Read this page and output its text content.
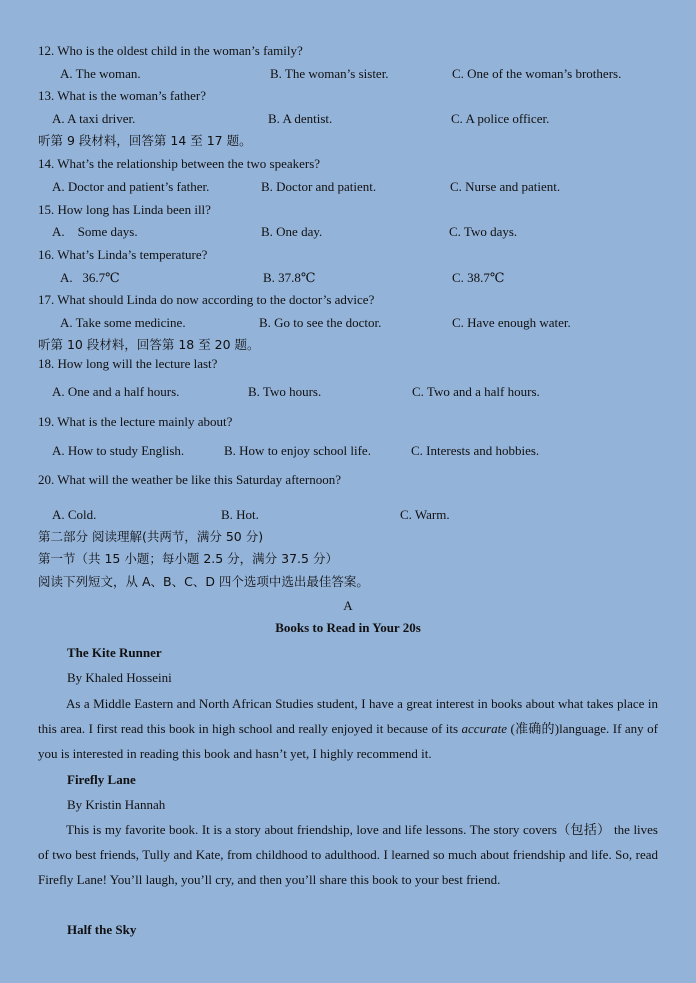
12. Who is the oldest child in the woman’s family?
A. The woman.	B. The woman’s sister.	C. One of the woman’s brothers.
13. What is the woman’s father?
A. A taxi driver.	B. A dentist.	C. A police officer.
听第 9 段材料，回答第 14 至 17 题。
14. What’s the relationship between the two speakers?
A. Doctor and patient’s father.	B. Doctor and patient.	C. Nurse and patient.
15. How long has Linda been ill?
A.    Some days.	B. One day.	C. Two days.
16. What’s Linda’s temperature?
A.   36.7℃	B. 37.8℃	C. 38.7℃
17. What should Linda do now according to the doctor’s advice?
A. Take some medicine.	B. Go to see the doctor.	C. Have enough water.
听第 10 段材料，回答第 18 至 20 题。
18. How long will the lecture last?
A. One and a half hours.	B. Two hours.	C. Two and a half hours.
19. What is the lecture mainly about?
A. How to study English.	B. How to enjoy school life.	C. Interests and hobbies.
20. What will the weather be like this Saturday afternoon?
A. Cold.	B. Hot.	C. Warm.
第二部分 阅读理解(共两节，满分 50 分)
第一节（共 15 小题；每小题 2.5 分，满分 37.5 分）
阅读下列短文，从 A、B、C、D 四个选项中选出最佳答案。
A
Books to Read in Your 20s
The Kite Runner
By Khaled Hosseini
As a Middle Eastern and North African Studies student, I have a great interest in books about what takes place in this area. I first read this book in high school and really enjoyed it because of its accurate (准确的)language. If any of you is interested in reading this book and hasn’t yet, I highly recommend it.
Firefly Lane
By Kristin Hannah
This is my favorite book. It is a story about friendship, love and life lessons. The story covers（包括） the lives of two best friends, Tully and Kate, from childhood to adulthood. I learned so much about friendship and life. So, read Firefly Lane! You’ll laugh, you’ll cry, and then you’ll share this book to your best friend.
Half the Sky
